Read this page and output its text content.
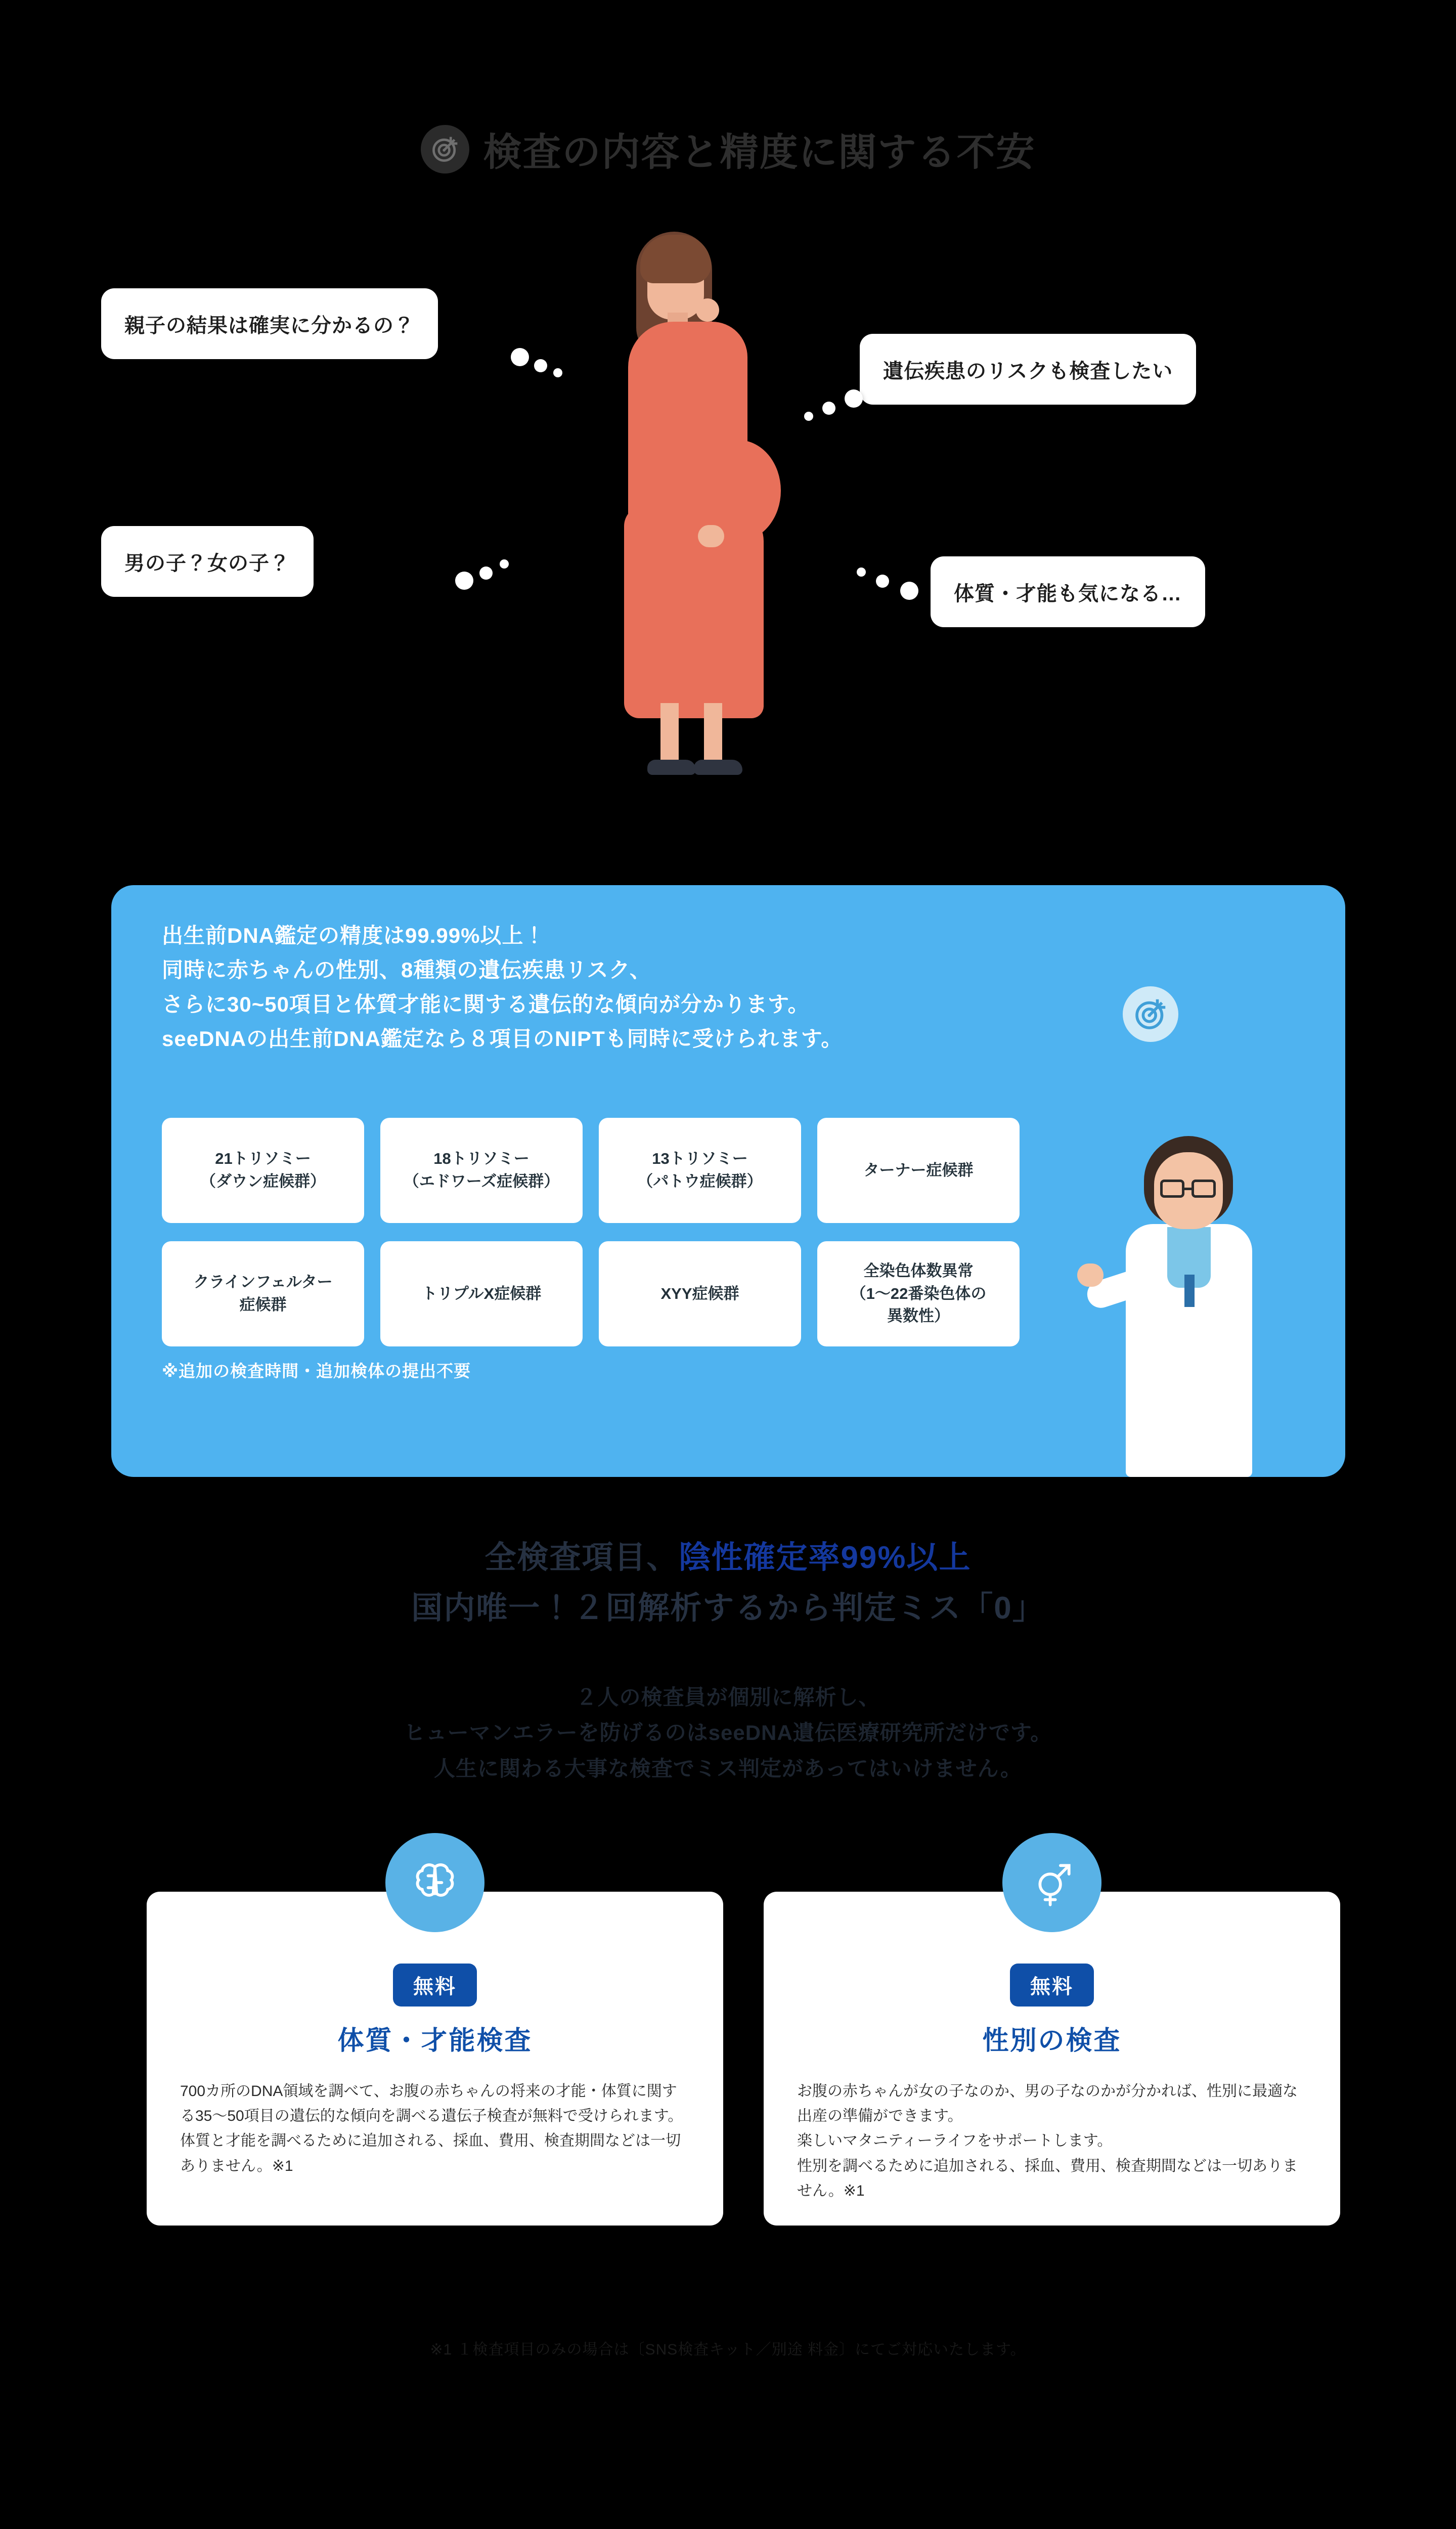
検査の内容と精度に関する不安
親子の結果は確実に分かるの？
男の子？女の子？
遺伝疾患のリスクも検査したい
体質・才能も気になる…

出生前DNA鑑定の精度は99.99%以上！

同時に赤ちゃんの性別、8種類の遺伝疾患リスク、

さらに30~50項目と体質才能に関する遺伝的な傾向が分かります。

seeDNAの出生前DNA鑑定なら８項目のNIPTも同時に受けられます。

21トリソミー
（ダウン症候群）
18トリソミー
（エドワーズ症候群）
13トリソミー
（パトウ症候群）
ターナー症候群
クラインフェルター
症候群
トリプルX症候群	XYY症候群
全染色体数異常
（1〜22番染色体の
異数性）
※追加の検査時間・追加検体の提出不要
全検査項目、陰性確定率99%以上
国内唯一！２回解析するから判定ミス「0」
２人の検査員が個別に解析し、
ヒューマンエラーを防げるのはseeDNA遺伝医療研究所だけです。
人生に関わる大事な検査でミス判定があってはいけません。
無料
体質・才能検査
700カ所のDNA領域を調べて、お腹の赤ちゃんの将来の才能・体質に関する35〜50項目の遺伝的な傾向を調べる遺伝子検査が無料で受けられます。
体質と才能を調べるために追加される、採血、費用、検査期間などは一切ありません。※1
無料
性別の検査
お腹の赤ちゃんが女の子なのか、男の子なのかが分かれば、性別に最適な出産の準備ができます。
楽しいマタニティーライフをサポートします。
性別を調べるために追加される、採血、費用、検査期間などは一切ありません。※1
※1 １検査項目のみの場合は〔SNS検査キット／別途 料金〕にてご対応いたします。
